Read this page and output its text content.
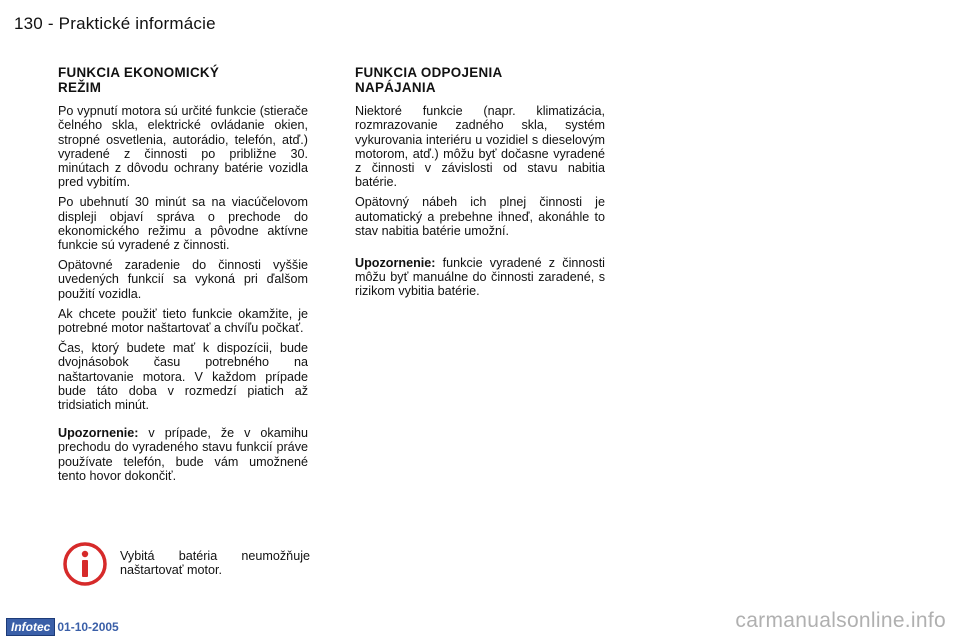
130 - Praktické informácie
FUNKCIA EKONOMICKÝ
REŽIM
Po vypnutí motora sú určité funkcie (stierače čelného skla, elektrické ovládanie okien, stropné osvetlenia, autorádio, telefón, atď.) vyradené z činnosti po približne 30. minútach z dôvodu ochrany batérie vozidla pred vybitím.
Po ubehnutí 30 minút sa na viacúčelovom displeji objaví správa o prechode do ekonomického režimu a pôvodne aktívne funkcie sú vyradené z činnosti.
Opätovné zaradenie do činnosti vyššie uvedených funkcií sa vykoná pri ďalšom použití vozidla.
Ak chcete použiť tieto funkcie okamžite, je potrebné motor naštartovať a chvíľu počkať.
Čas, ktorý budete mať k dispozícii, bude dvojnásobok času potrebného na naštartovanie motora. V každom prípade bude táto doba v rozmedzí piatich až tridsiatich minút.
Upozornenie: v prípade, že v okamihu prechodu do vyradeného stavu funkcií práve používate telefón, bude vám umožnené tento hovor dokončiť.
FUNKCIA ODPOJENIA
NAPÁJANIA
Niektoré funkcie (napr. klimatizácia, rozmrazovanie zadného skla, systém vykurovania interiéru u vozidiel s dieselovým motorom, atď.) môžu byť dočasne vyradené z činnosti v závislosti od stavu nabitia batérie.
Opätovný nábeh ich plnej činnosti je automatický a prebehne ihneď, akonáhle to stav nabitia batérie umožní.
Upozornenie: funkcie vyradené z činnosti môžu byť manuálne do činnosti zaradené, s rizikom vybitia batérie.
Vybitá batéria neumožňuje naštartovať motor.
Infotec 01-10-2005	carmanualsonline.info
